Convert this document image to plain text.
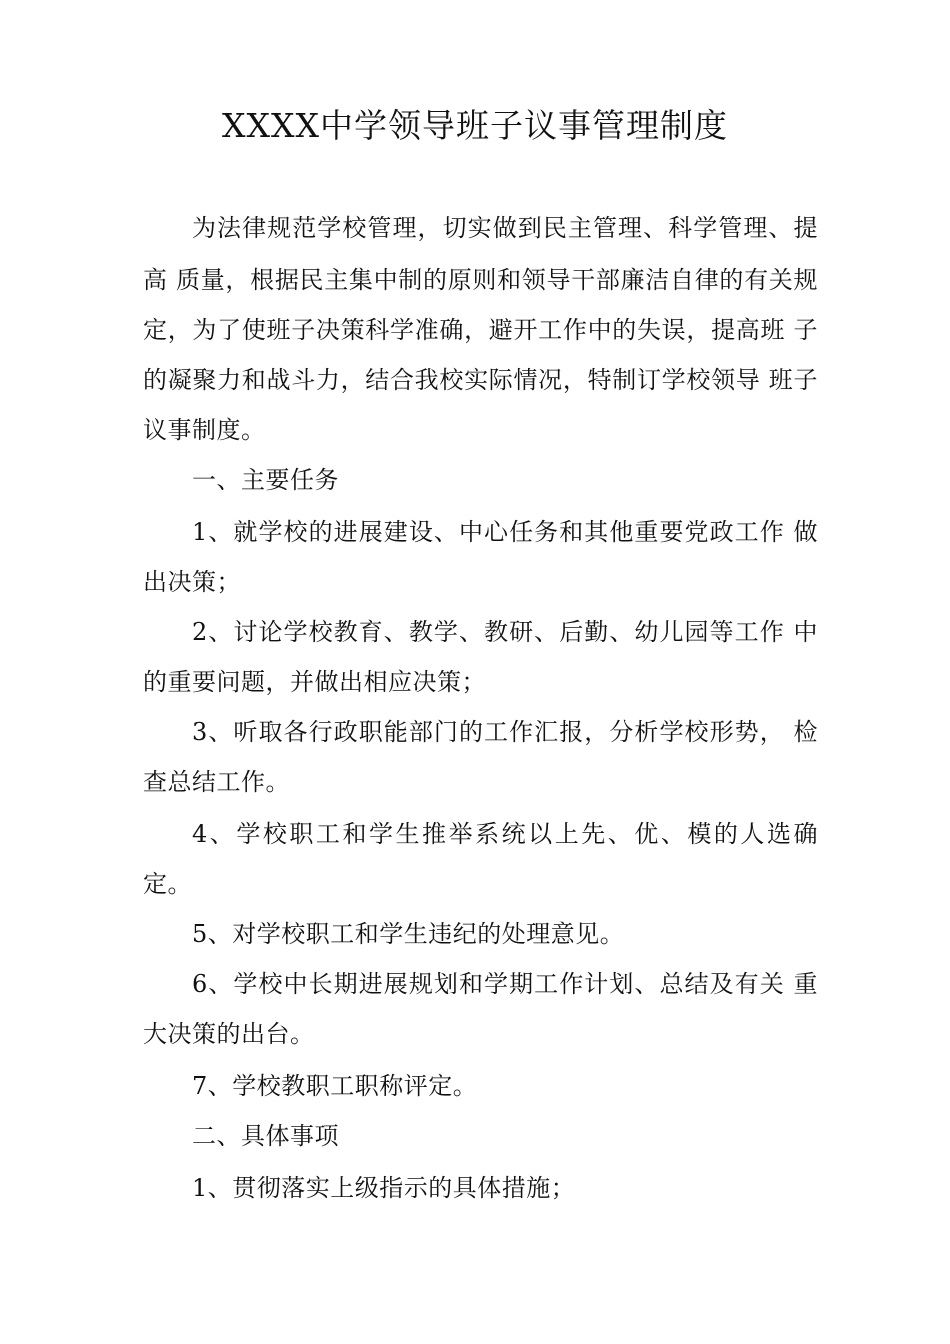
XXXX中学领导班子议事管理制度
为法律规范学校管理，切实做到民主管理、科学管理、提
高 质量，根据民主集中制的原则和领导干部廉洁自律的有关规
定，为了使班子决策科学准确，避开工作中的失误，提高班 子
的凝聚力和战斗力，结合我校实际情况，特制订学校领导 班子
议事制度。
一、主要任务
1、就学校的进展建设、中心任务和其他重要党政工作 做
出决策；
2、讨论学校教育、教学、教研、后勤、幼儿园等工作 中
的重要问题，并做出相应决策；
3、听取各行政职能部门的工作汇报，分析学校形势， 检
查总结工作。
4、学校职工和学生推举系统以上先、优、模的人选确
定。
5、对学校职工和学生违纪的处理意见。
6、学校中长期进展规划和学期工作计划、总结及有关 重
大决策的出台。
7、学校教职工职称评定。
二、具体事项
1、贯彻落实上级指示的具体措施；
